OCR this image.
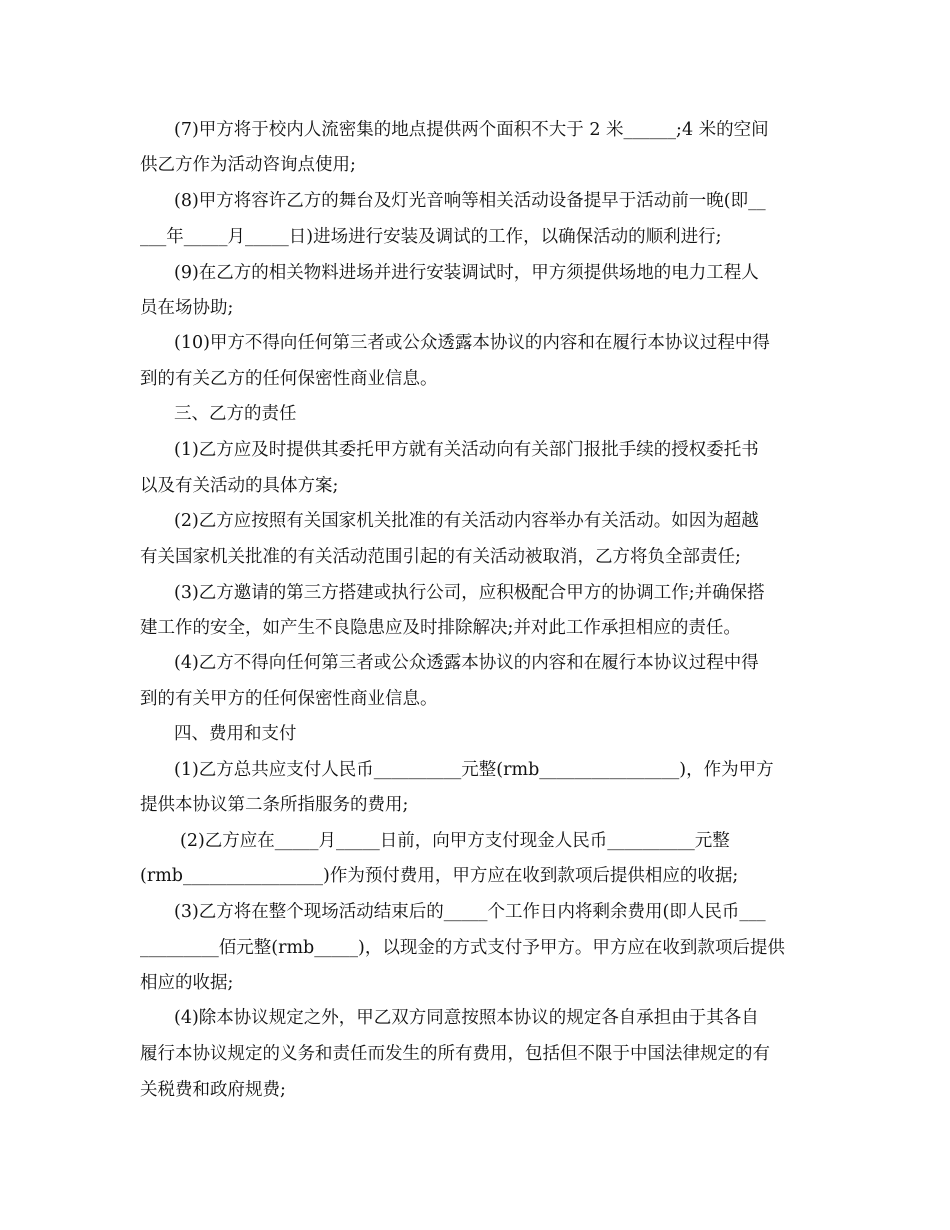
(7)甲方将于校内人流密集的地点提供两个面积不大于 2 米______;4 米的空间
供乙方作为活动咨询点使用;
(8)甲方将容许乙方的舞台及灯光音响等相关活动设备提早于活动前一晚(即__
___年_____月_____日)进场进行安装及调试的工作，以确保活动的顺利进行;
(9)在乙方的相关物料进场并进行安装调试时，甲方须提供场地的电力工程人
员在场协助;
(10)甲方不得向任何第三者或公众透露本协议的内容和在履行本协议过程中得
到的有关乙方的任何保密性商业信息。
三、乙方的责任
(1)乙方应及时提供其委托甲方就有关活动向有关部门报批手续的授权委托书
以及有关活动的具体方案;
(2)乙方应按照有关国家机关批准的有关活动内容举办有关活动。如因为超越
有关国家机关批准的有关活动范围引起的有关活动被取消，乙方将负全部责任;
(3)乙方邀请的第三方搭建或执行公司，应积极配合甲方的协调工作;并确保搭
建工作的安全，如产生不良隐患应及时排除解决;并对此工作承担相应的责任。
(4)乙方不得向任何第三者或公众透露本协议的内容和在履行本协议过程中得
到的有关甲方的任何保密性商业信息。
四、费用和支付
(1)乙方总共应支付人民币__________元整(rmb________________)，作为甲方
提供本协议第二条所指服务的费用;
(2)乙方应在_____月_____日前，向甲方支付现金人民币__________元整
(rmb________________)作为预付费用，甲方应在收到款项后提供相应的收据;
(3)乙方将在整个现场活动结束后的_____个工作日内将剩余费用(即人民币___
_________佰元整(rmb_____)，以现金的方式支付予甲方。甲方应在收到款项后提供
相应的收据;
(4)除本协议规定之外，甲乙双方同意按照本协议的规定各自承担由于其各自
履行本协议规定的义务和责任而发生的所有费用，包括但不限于中国法律规定的有
关税费和政府规费;
